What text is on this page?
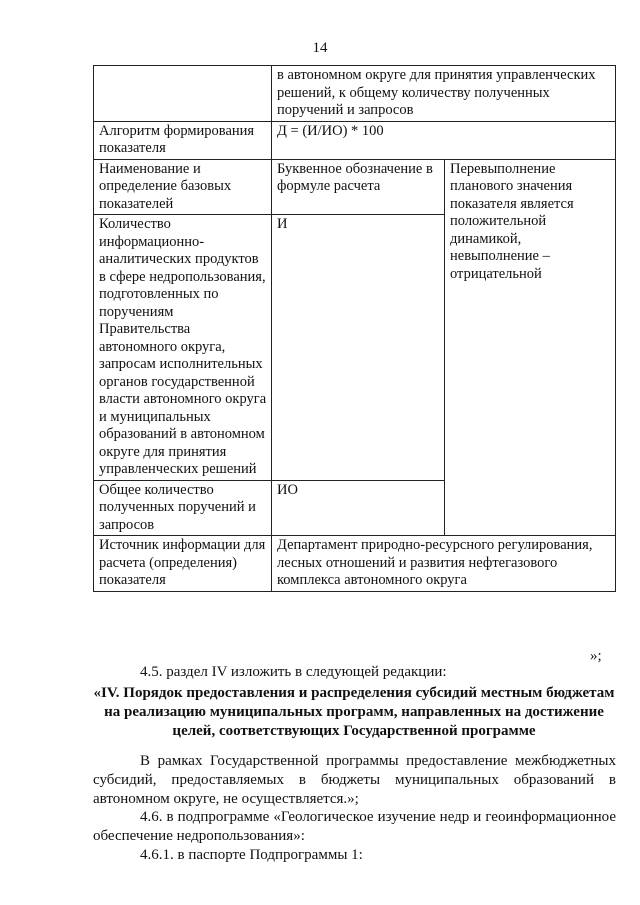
14
	в автономном округе для принятия управленческих решений, к общему количеству полученных поручений и запросов	
Алгоритм формирования показателя	Д = (И/ИО) * 100	
Наименование и определение базовых показателей	Буквенное обозначение в формуле расчета	Перевыполнение планового значения показателя является положительной динамикой, невыполнение – отрицательной
Количество информационно-аналитических продуктов в сфере недропользования, подготовленных по поручениям Правительства автономного округа, запросам исполнительных органов государственной власти автономного округа и муниципальных образований в автономном округе для принятия управленческих решений	И	
Общее количество полученных поручений и запросов	ИО	
Источник информации для расчета (определения) показателя	Департамент природно-ресурсного регулирования, лесных отношений и развития нефтегазового комплекса автономного округа	
»;

4.5. раздел IV изложить в следующей редакции:

«IV. Порядок предоставления и распределения субсидий местным бюджетам на реализацию муниципальных программ, направленных на достижение целей, соответствующих Государственной программе

В рамках Государственной программы предоставление межбюджетных субсидий, предоставляемых в бюджеты муниципальных образований в автономном округе, не осуществляется.»;

4.6. в подпрограмме «Геологическое изучение недр и геоинформационное обеспечение недропользования»:

4.6.1. в паспорте Подпрограммы 1:
